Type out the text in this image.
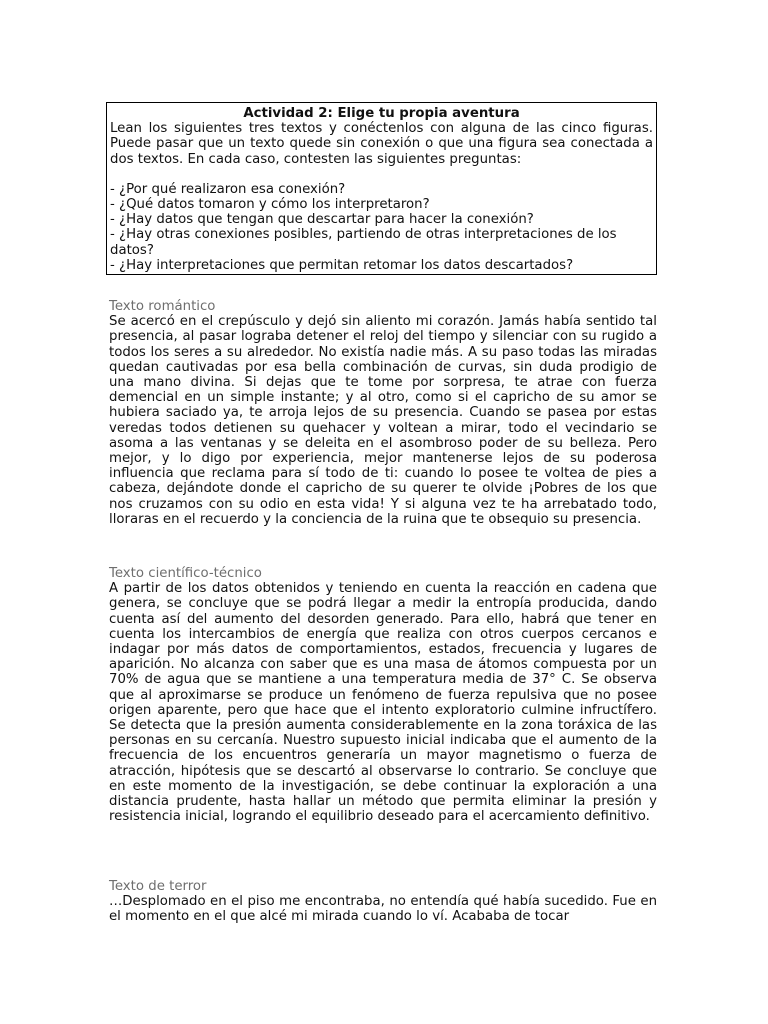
Actividad 2: Elige tu propia aventura

Lean los siguientes tres textos y conéctenlos con alguna de las cinco figuras. Puede pasar que un texto quede sin conexión o que una figura sea conectada a dos textos. En cada caso, contesten las siguientes preguntas:

- ¿Por qué realizaron esa conexión?
- ¿Qué datos tomaron y cómo los interpretaron?
- ¿Hay datos que tengan que descartar para hacer la conexión?
- ¿Hay otras conexiones posibles, partiendo de otras interpretaciones de los datos?
- ¿Hay interpretaciones que permitan retomar los datos descartados?

Texto romántico

Se acercó en el crepúsculo y dejó sin aliento mi corazón. Jamás había sentido tal presencia, al pasar lograba detener el reloj del tiempo y silenciar con su rugido a todos los seres a su alrededor. No existía nadie más. A su paso todas las miradas quedan cautivadas por esa bella combinación de curvas, sin duda prodigio de una mano divina. Si dejas que te tome por sorpresa, te atrae con fuerza demencial en un simple instante; y al otro, como si el capricho de su amor se hubiera saciado ya, te arroja lejos de su presencia. Cuando se pasea por estas veredas todos detienen su quehacer y voltean a mirar, todo el vecindario se asoma a las ventanas y se deleita en el asombroso poder de su belleza. Pero mejor, y lo digo por experiencia, mejor mantenerse lejos de su poderosa influencia que reclama para sí todo de ti: cuando lo posee te voltea de pies a cabeza, dejándote donde el capricho de su querer te olvide ¡Pobres de los que nos cruzamos con su odio en esta vida! Y si alguna vez te ha arrebatado todo, lloraras en el recuerdo y la conciencia de la ruina que te obsequio su presencia.

Texto científico-técnico

A partir de los datos obtenidos y teniendo en cuenta la reacción en cadena que genera, se concluye que se podrá llegar a medir la entropía producida, dando cuenta así del aumento del desorden generado. Para ello, habrá que tener en cuenta los intercambios de energía que realiza con otros cuerpos cercanos e indagar por más datos de comportamientos, estados, frecuencia y lugares de aparición. No alcanza con saber que es una masa de átomos compuesta por un 70% de agua que se mantiene a una temperatura media de 37° C. Se observa que al aproximarse se produce un fenómeno de fuerza repulsiva que no posee origen aparente, pero que hace que el intento exploratorio culmine infructífero. Se detecta que la presión aumenta considerablemente en la zona toráxica de las personas en su cercanía. Nuestro supuesto inicial indicaba que el aumento de la frecuencia de los encuentros generaría un mayor magnetismo o fuerza de atracción, hipótesis que se descartó al observarse lo contrario. Se concluye que en este momento de la investigación, se debe continuar la exploración a una distancia prudente, hasta hallar un método que permita eliminar la presión y resistencia inicial, logrando el equilibrio deseado para el acercamiento definitivo.

Texto de terror

…Desplomado en el piso me encontraba, no entendía qué había sucedido. Fue en el momento en el que alcé mi mirada cuando lo ví. Acababa de tocar
